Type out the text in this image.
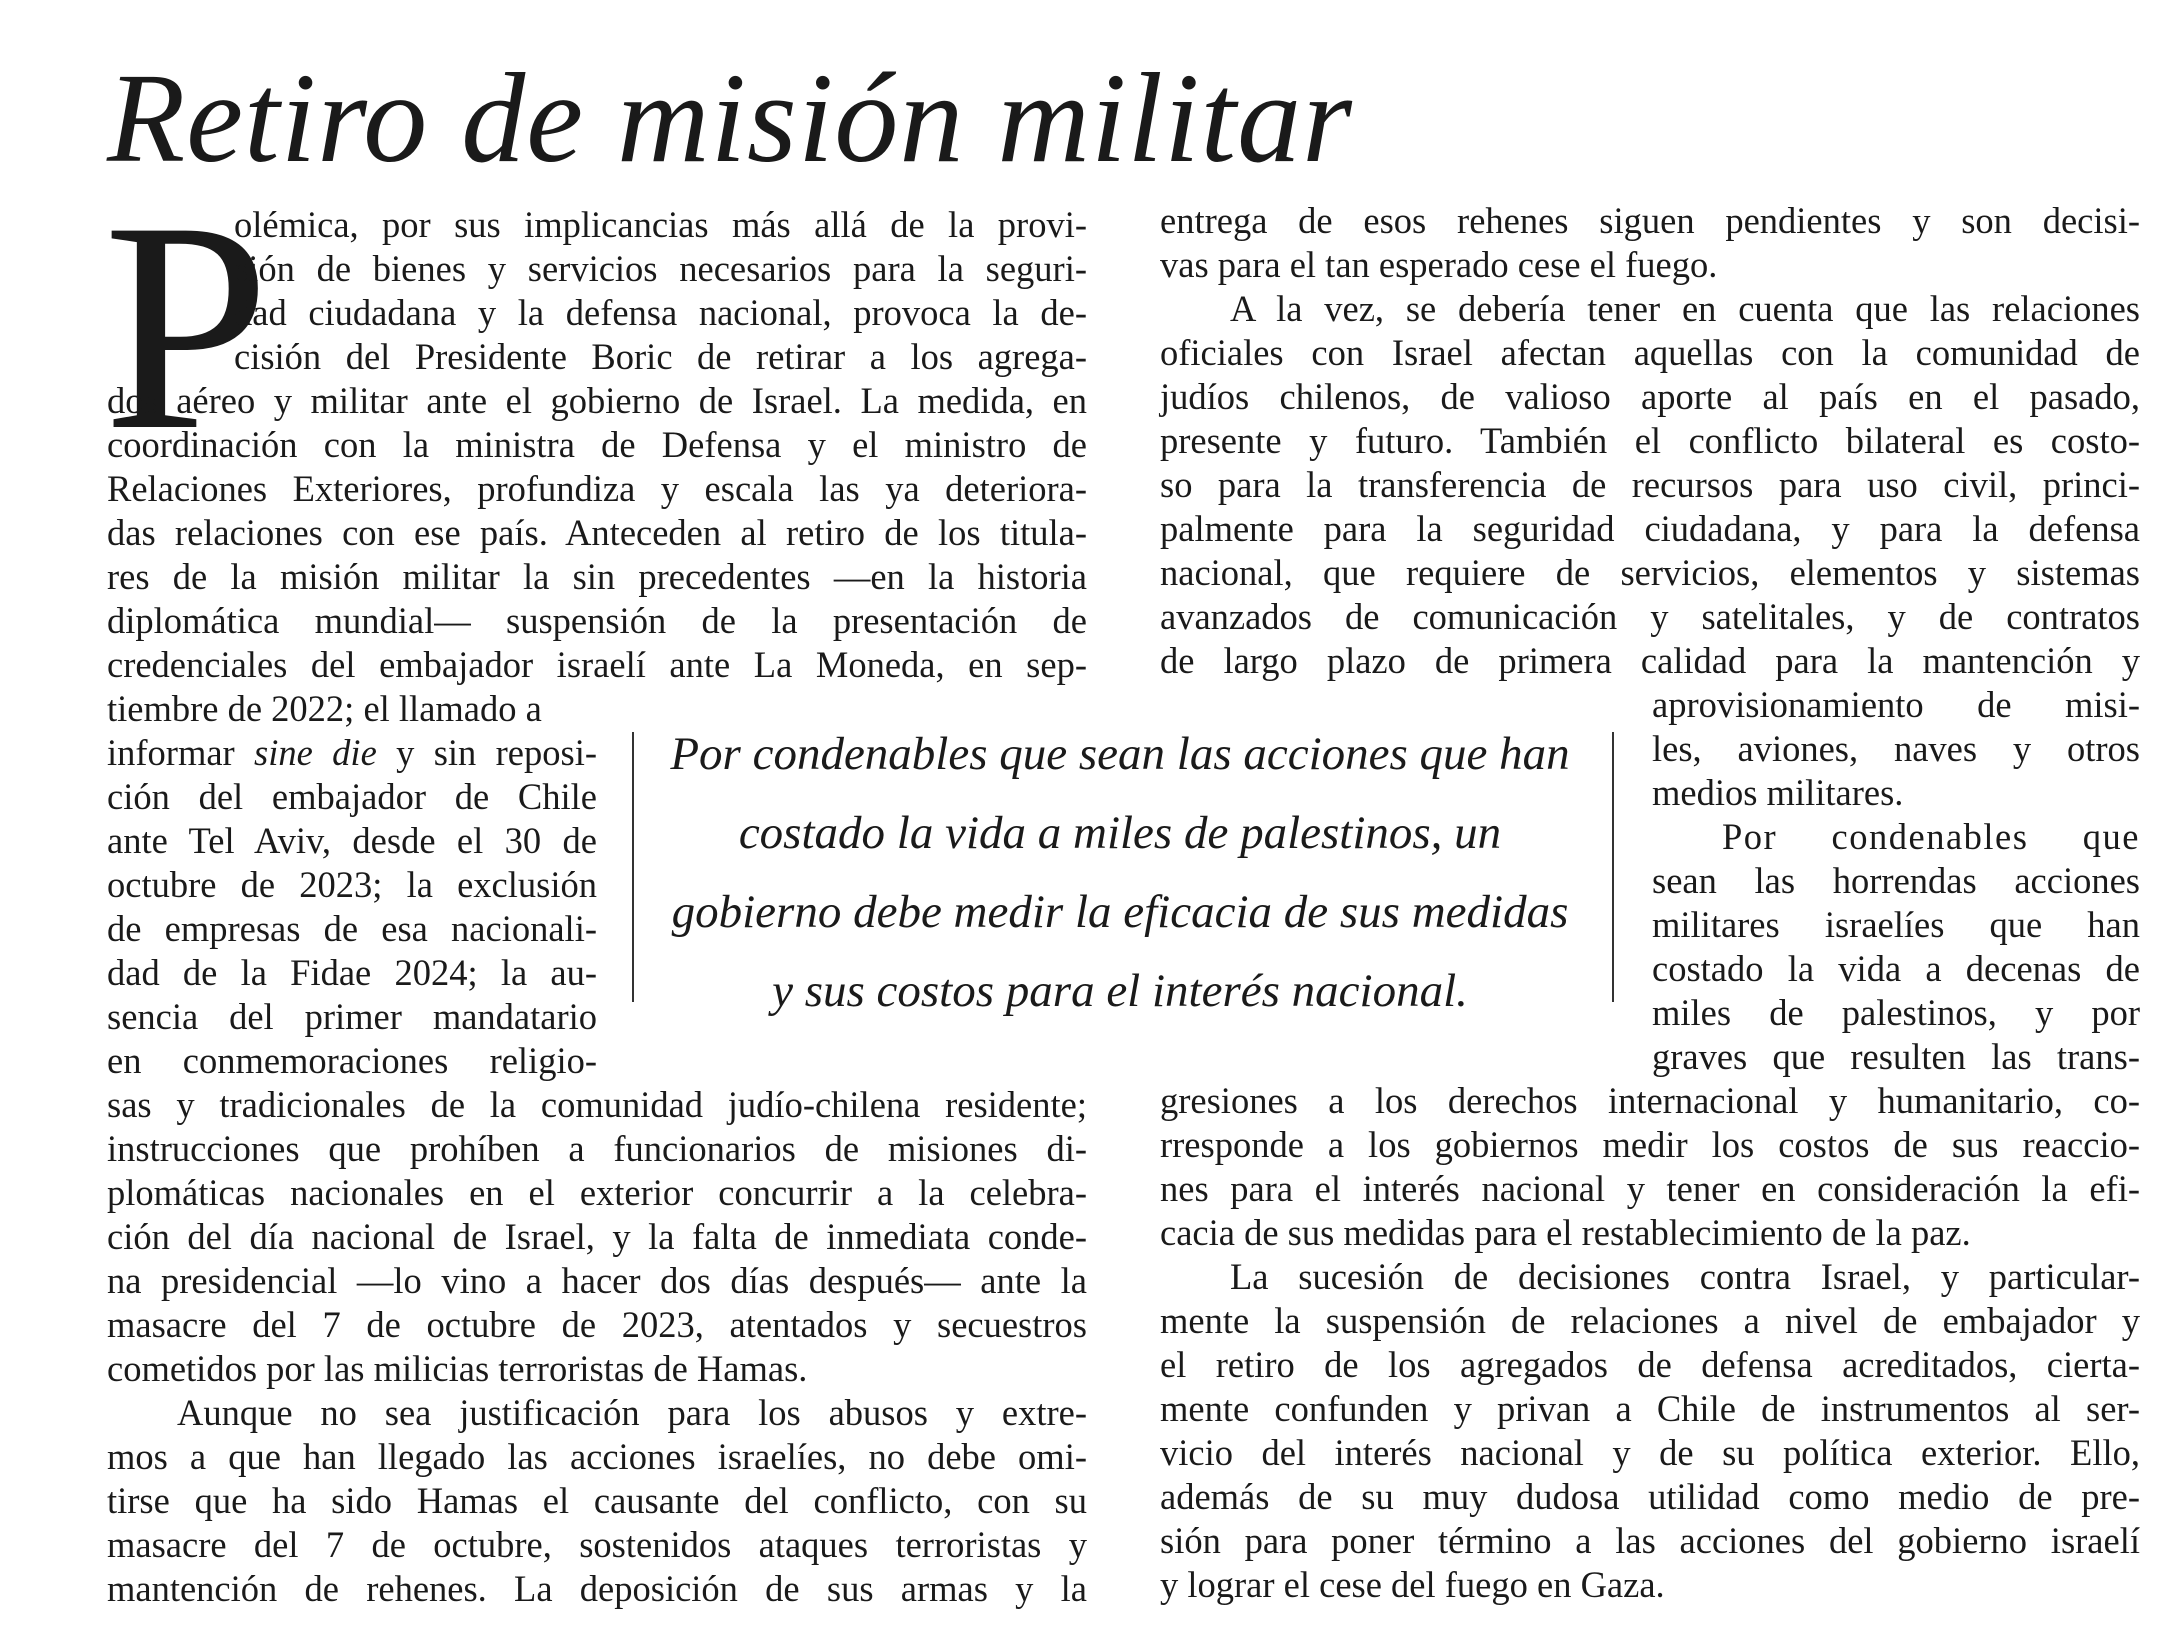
Retiro de misión militar
P
olémica, por sus implicancias más allá de la provi-
sión de bienes y servicios necesarios para la seguri-
dad ciudadana y la defensa nacional, provoca la de-
cisión del Presidente Boric de retirar a los agrega-
dos aéreo y militar ante el gobierno de Israel. La medida, en
coordinación con la ministra de Defensa y el ministro de
Relaciones Exteriores, profundiza y escala las ya deteriora-
das relaciones con ese país. Anteceden al retiro de los titula-
res de la misión militar la sin precedentes —en la historia
diplomática mundial— suspensión de la presentación de
credenciales del embajador israelí ante La Moneda, en sep-
tiembre de 2022; el llamado a
informar sine die y sin reposi-
ción del embajador de Chile
ante Tel Aviv, desde el 30 de
octubre de 2023; la exclusión
de empresas de esa nacionali-
dad de la Fidae 2024; la au-
sencia del primer mandatario
en conmemoraciones religio-
sas y tradicionales de la comunidad judío-chilena residente;
instrucciones que prohíben a funcionarios de misiones di-
plomáticas nacionales en el exterior concurrir a la celebra-
ción del día nacional de Israel, y la falta de inmediata conde-
na presidencial —lo vino a hacer dos días después— ante la
masacre del 7 de octubre de 2023, atentados y secuestros
cometidos por las milicias terroristas de Hamas.
Aunque no sea justificación para los abusos y extre-
mos a que han llegado las acciones israelíes, no debe omi-
tirse que ha sido Hamas el causante del conflicto, con su
masacre del 7 de octubre, sostenidos ataques terroristas y
mantención de rehenes. La deposición de sus armas y la
entrega de esos rehenes siguen pendientes y son decisi-
vas para el tan esperado cese el fuego.
A la vez, se debería tener en cuenta que las relaciones
oficiales con Israel afectan aquellas con la comunidad de
judíos chilenos, de valioso aporte al país en el pasado,
presente y futuro. También el conflicto bilateral es costo-
so para la transferencia de recursos para uso civil, princi-
palmente para la seguridad ciudadana, y para la defensa
nacional, que requiere de servicios, elementos y sistemas
avanzados de comunicación y satelitales, y de contratos
de largo plazo de primera calidad para la mantención y
aprovisionamiento de misi-
les, aviones, naves y otros
medios militares.
Por condenables que
sean las horrendas acciones
militares israelíes que han
costado la vida a decenas de
miles de palestinos, y por
graves que resulten las trans-
gresiones a los derechos internacional y humanitario, co-
rresponde a los gobiernos medir los costos de sus reaccio-
nes para el interés nacional y tener en consideración la efi-
cacia de sus medidas para el restablecimiento de la paz.
La sucesión de decisiones contra Israel, y particular-
mente la suspensión de relaciones a nivel de embajador y
el retiro de los agregados de defensa acreditados, cierta-
mente confunden y privan a Chile de instrumentos al ser-
vicio del interés nacional y de su política exterior. Ello,
además de su muy dudosa utilidad como medio de pre-
sión para poner término a las acciones del gobierno israelí
y lograr el cese del fuego en Gaza.
Por condenables que sean las acciones que han
costado la vida a miles de palestinos, un
gobierno debe medir la eficacia de sus medidas
y sus costos para el interés nacional.
